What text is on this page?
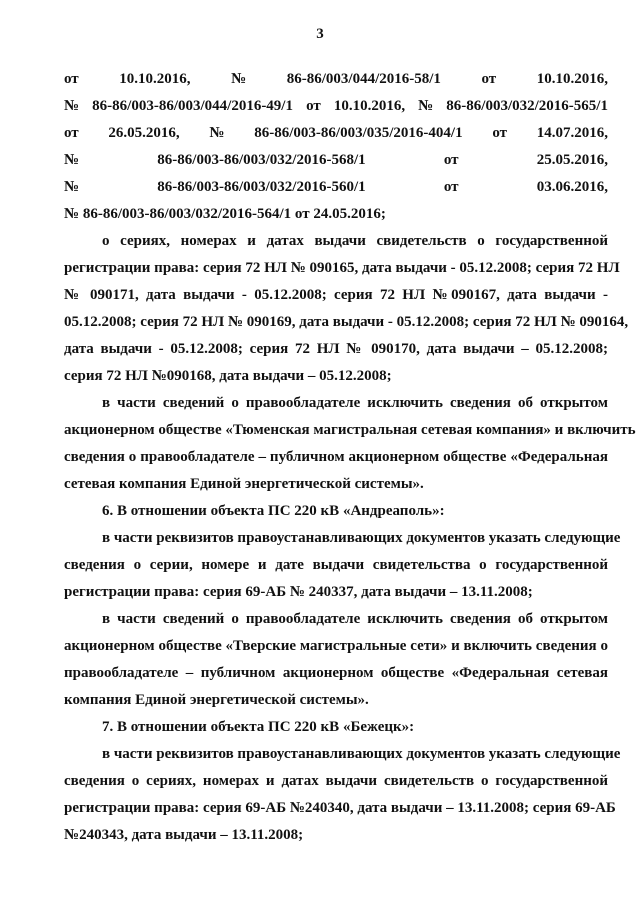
3
от	10.10.2016,	№	86-86/003/044/2016-58/1	от	10.10.2016,
№ 86-86/003-86/003/044/2016-49/1 от 10.10.2016, № 86-86/003/032/2016-565/1
от 26.05.2016, № 86-86/003-86/003/035/2016-404/1 от 14.07.2016,
№	86-86/003-86/003/032/2016-568/1	от	25.05.2016,
№	86-86/003-86/003/032/2016-560/1	от	03.06.2016,
№ 86-86/003-86/003/032/2016-564/1 от 24.05.2016;
о сериях, номерах и датах выдачи свидетельств о государственной
регистрации права: серия 72 НЛ № 090165, дата выдачи - 05.12.2008; серия 72 НЛ
№ 090171, дата выдачи - 05.12.2008; серия 72 НЛ №090167, дата выдачи -
05.12.2008; серия 72 НЛ № 090169, дата выдачи - 05.12.2008; серия 72 НЛ № 090164,
дата выдачи - 05.12.2008; серия 72 НЛ № 090170, дата выдачи – 05.12.2008;
серия 72 НЛ №090168, дата выдачи – 05.12.2008;
в части сведений о правообладателе исключить сведения об открытом
акционерном обществе «Тюменская магистральная сетевая компания» и включить
сведения о правообладателе – публичном акционерном обществе «Федеральная
сетевая компания Единой энергетической системы».
6. В отношении объекта ПС 220 кВ «Андреаполь»:
в части реквизитов правоустанавливающих документов указать следующие
сведения о серии, номере и дате выдачи свидетельства о государственной
регистрации права: серия 69-АБ № 240337, дата выдачи – 13.11.2008;
в части сведений о правообладателе исключить сведения об открытом
акционерном обществе «Тверские магистральные сети» и включить сведения о
правообладателе – публичном акционерном обществе «Федеральная сетевая
компания Единой энергетической системы».
7. В отношении объекта ПС 220 кВ «Бежецк»:
в части реквизитов правоустанавливающих документов указать следующие
сведения о сериях, номерах и датах выдачи свидетельств о государственной
регистрации права: серия 69-АБ №240340, дата выдачи – 13.11.2008; серия 69-АБ
№240343, дата выдачи – 13.11.2008;
